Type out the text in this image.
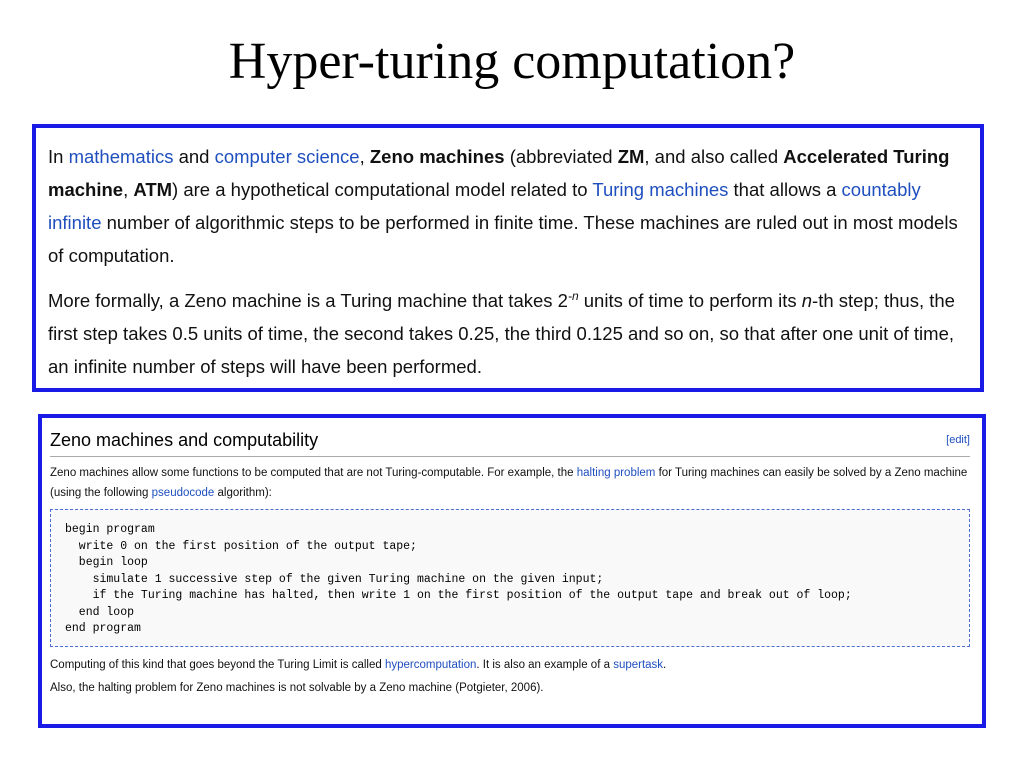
Hyper-turing computation?

In mathematics and computer science, Zeno machines (abbreviated ZM, and also called Accelerated Turing machine, ATM) are a hypothetical computational model related to Turing machines that allows a countably infinite number of algorithmic steps to be performed in finite time. These machines are ruled out in most models of computation.

More formally, a Zeno machine is a Turing machine that takes $2^{-n}$ units of time to perform its n-th step; thus, the first step takes 0.5 units of time, the second takes 0.25, the third 0.125 and so on, so that after one unit of time, an infinite number of steps will have been performed.

Zeno machines and computability	[edit]

Zeno machines allow some functions to be computed that are not Turing-computable. For example, the halting problem for Turing machines can easily be solved by a Zeno machine (using the following pseudocode algorithm):

begin program
write 0 on the first position of the output tape;
begin loop
simulate 1 successive step of the given Turing machine on the given input;
if the Turing machine has halted, then write 1 on the first position of the output tape and break out of loop;
end loop
end program

Computing of this kind that goes beyond the Turing Limit is called hypercomputation. It is also an example of a supertask.

Also, the halting problem for Zeno machines is not solvable by a Zeno machine (Potgieter, 2006).
